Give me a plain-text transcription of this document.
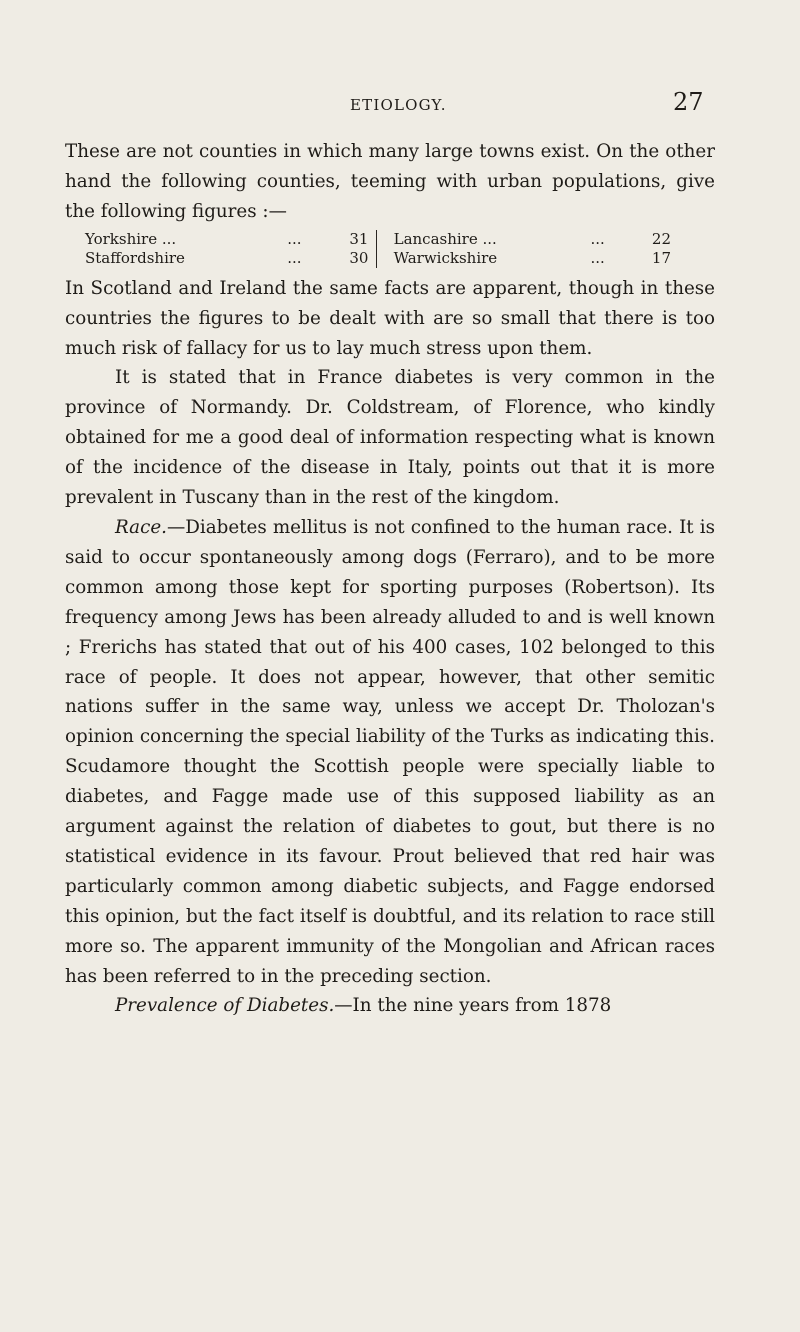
ETIOLOGY.	27

These are not counties in which many large towns exist. On the other hand the following counties, teeming with urban populations, give the following figures :—

Yorkshire ...	...	31		Lancashire ...	...	22
Staffordshire	...	30		Warwickshire	...	17

In Scotland and Ireland the same facts are apparent, though in these countries the figures to be dealt with are so small that there is too much risk of fallacy for us to lay much stress upon them.

It is stated that in France diabetes is very common in the province of Normandy. Dr. Coldstream, of Florence, who kindly obtained for me a good deal of information respecting what is known of the incidence of the disease in Italy, points out that it is more prevalent in Tuscany than in the rest of the kingdom.

Race.—Diabetes mellitus is not confined to the human race. It is said to occur spontaneously among dogs (Ferraro), and to be more common among those kept for sporting purposes (Robertson). Its frequency among Jews has been already alluded to and is well known ; Frerichs has stated that out of his 400 cases, 102 belonged to this race of people. It does not appear, however, that other semitic nations suffer in the same way, unless we accept Dr. Tholozan's opinion concerning the special liability of the Turks as indicating this. Scudamore thought the Scottish people were specially liable to diabetes, and Fagge made use of this supposed liability as an argument against the relation of diabetes to gout, but there is no statistical evidence in its favour. Prout believed that red hair was particularly common among diabetic subjects, and Fagge endorsed this opinion, but the fact itself is doubtful, and its relation to race still more so. The apparent immunity of the Mongolian and African races has been referred to in the preceding section.

Prevalence of Diabetes.—In the nine years from 1878
